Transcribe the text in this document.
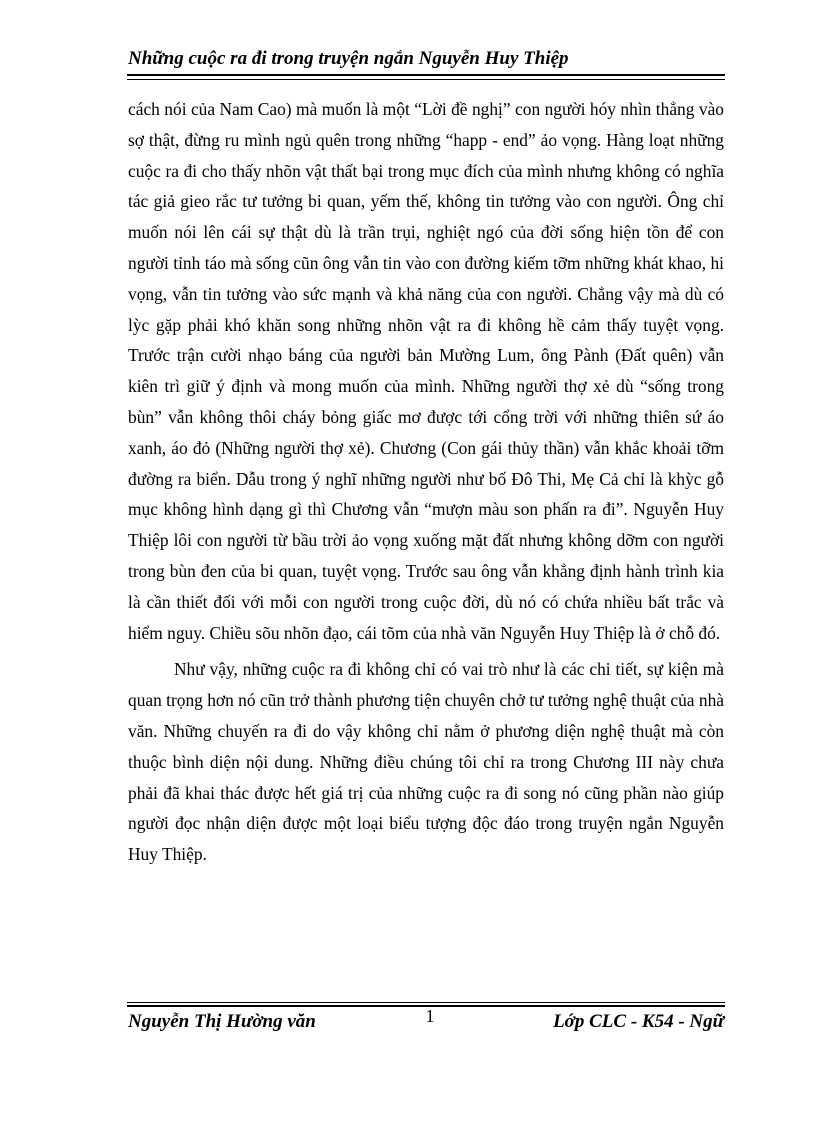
Những cuộc ra đi trong truyện ngắn Nguyễn Huy Thiệp

cách nói của Nam Cao) mà muốn là một “Lời đề nghị” con người hóy nhìn thẳng vào sợ thật, đừng ru mình ngủ quên trong những “happ - end” ảo vọng. Hàng loạt những cuộc ra đi cho thấy nhõn vật thất bại trong mục đích của mình nhưng không có nghĩa tác giả gieo rắc tư tưởng bi quan, yếm thế, không tin tưởng vào con người. Ông chỉ muốn nói lên cái sự thật dù là trần trụi, nghiệt ngó của đời sống hiện tồn để con người tỉnh táo mà sống cũn ông vẫn tin vào con đường kiếm tỡm những khát khao, hi vọng, vẫn tin tưởng vào sức mạnh và khả năng của con người. Chẳng vậy mà dù có lỳc gặp phải khó khăn song những nhõn vật ra đi không hề cảm thấy tuyệt vọng. Trước trận cười nhạo báng của người bản Mường Lum, ông Pành (Đất quên) vẫn kiên trì giữ ý định và mong muốn của mình. Những người thợ xẻ dù “sống trong bùn” vẫn không thôi cháy bỏng giấc mơ được tới cổng trời với những thiên sứ áo xanh, áo đỏ (Những người thợ xẻ). Chương (Con gái thủy thần) vẫn khắc khoải tỡm đường ra biển. Dẫu trong ý nghĩ những người như bố Đô Thi, Mẹ Cả chỉ là khỳc gỗ mục không hình dạng gì thì Chương vẫn “mượn màu son phấn ra đi”. Nguyễn Huy Thiệp lôi con người từ bầu trời ảo vọng xuống mặt đất nhưng không dỡm con người trong bùn đen của bi quan, tuyệt vọng. Trước sau ông vẫn khẳng định hành trình kia là cần thiết đối với mỗi con người trong cuộc đời, dù nó có chứa nhiều bất trắc và hiểm nguy. Chiều sõu nhõn đạo, cái tõm của nhà văn Nguyễn Huy Thiệp là ở chỗ đó.

Như vậy, những cuộc ra đi không chỉ có vai trò như là các chi tiết, sự kiện mà quan trọng hơn nó cũn trở thành phương tiện chuyên chở tư tưởng nghệ thuật của nhà văn. Những chuyến ra đi do vậy không chỉ nằm ở phương diện nghệ thuật mà còn thuộc bình diện nội dung. Những điều chúng tôi chỉ ra trong Chương III này chưa phải đã khai thác được hết giá trị của những cuộc ra đi song nó cũng phần nào giúp người đọc nhận diện được một loại biểu tượng độc đáo trong truyện ngắn Nguyễn Huy Thiệp.

Nguyễn Thị Hường văn	1	Lớp CLC - K54 - Ngữ
